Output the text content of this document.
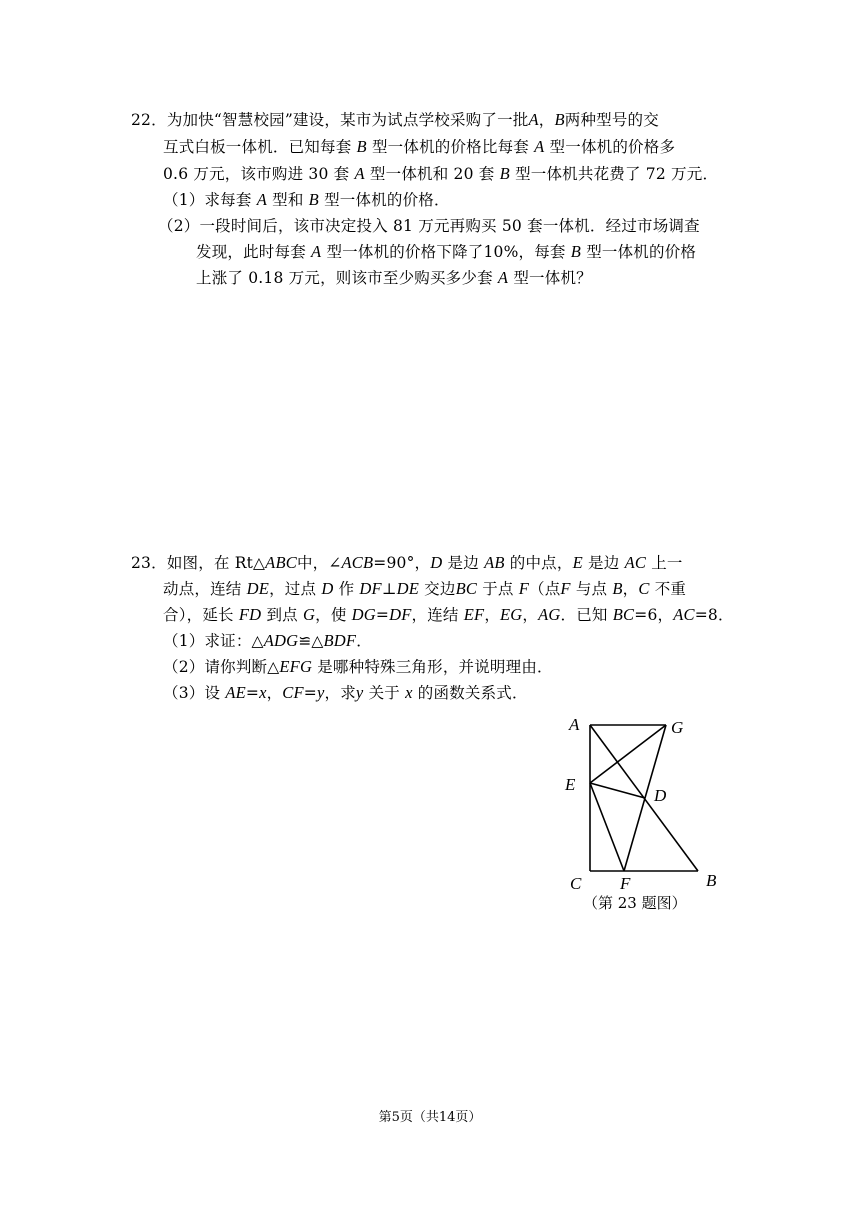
22．为加快“智慧校园”建设，某市为试点学校采购了一批A，B两种型号的交
互式白板一体机．已知每套 B 型一体机的价格比每套 A 型一体机的价格多
0.6 万元，该市购进 30 套 A 型一体机和 20 套 B 型一体机共花费了 72 万元．
（1）求每套 A 型和 B 型一体机的价格．
（2）一段时间后，该市决定投入 81 万元再购买 50 套一体机．经过市场调查
发现，此时每套 A 型一体机的价格下降了10%，每套 B 型一体机的价格
上涨了 0.18 万元，则该市至少购买多少套 A 型一体机？
23．如图，在 Rt△ABC中，∠ACB=90°，D 是边 AB 的中点，E 是边 AC 上一
动点，连结 DE，过点 D 作 DF⊥DE 交边BC 于点 F（点F 与点 B，C 不重
合），延长 FD 到点 G，使 DG=DF，连结 EF，EG，AG．已知 BC=6，AC=8．
（1）求证：△ADG≌△BDF．
（2）请你判断△EFG 是哪种特殊三角形，并说明理由．
（3）设 AE=x，CF=y，求y 关于 x 的函数关系式．
A	G
E
D
C F	B
（第 23 题图）
第5页（共14页）
